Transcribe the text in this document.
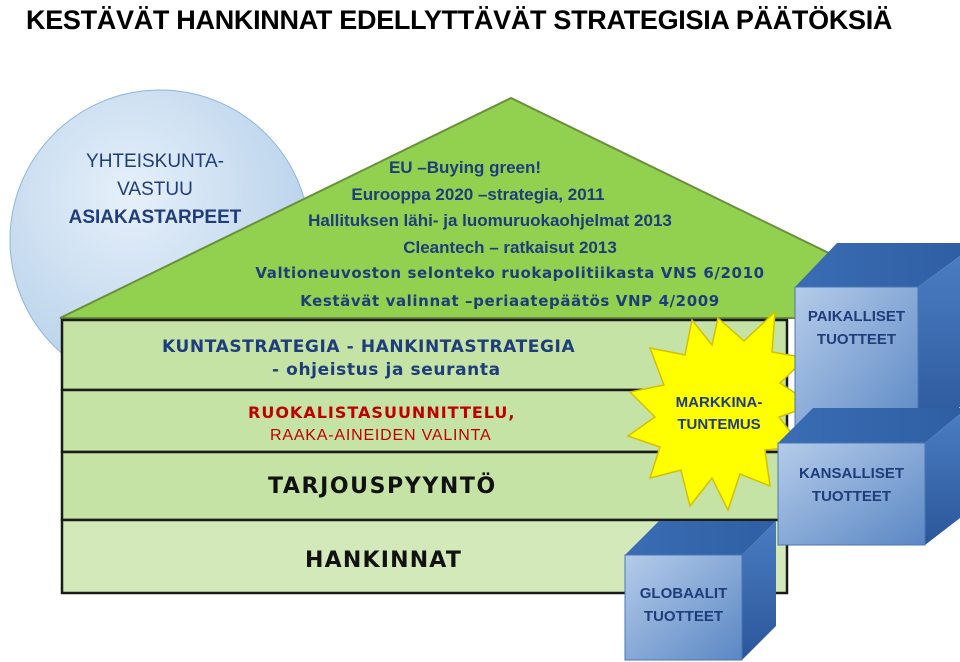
KESTÄVÄT HANKINNAT EDELLYTTÄVÄT STRATEGISIA PÄÄTÖKSIÄ
YHTEISKUNTA-
VASTUU
ASIAKASTARPEET
EU –Buying green!
Eurooppa 2020 –strategia, 2011
Hallituksen lähi- ja luomuruokaohjelmat 2013
Cleantech – ratkaisut 2013
Valtioneuvoston selonteko ruokapolitiikasta VNS 6/2010
Kestävät valinnat –periaatepäätös VNP 4/2009
KUNTASTRATEGIA - HANKINTASTRATEGIA
- ohjeistus ja seuranta
RUOKALISTASUUNNITTELU,
RAAKA-AINEIDEN VALINTA
TARJOUSPYYNTÖ
HANKINNAT
MARKKINA-
TUNTEMUS
PAIKALLISET
TUOTTEET
KANSALLISET
TUOTTEET
GLOBAALIT
TUOTTEET
